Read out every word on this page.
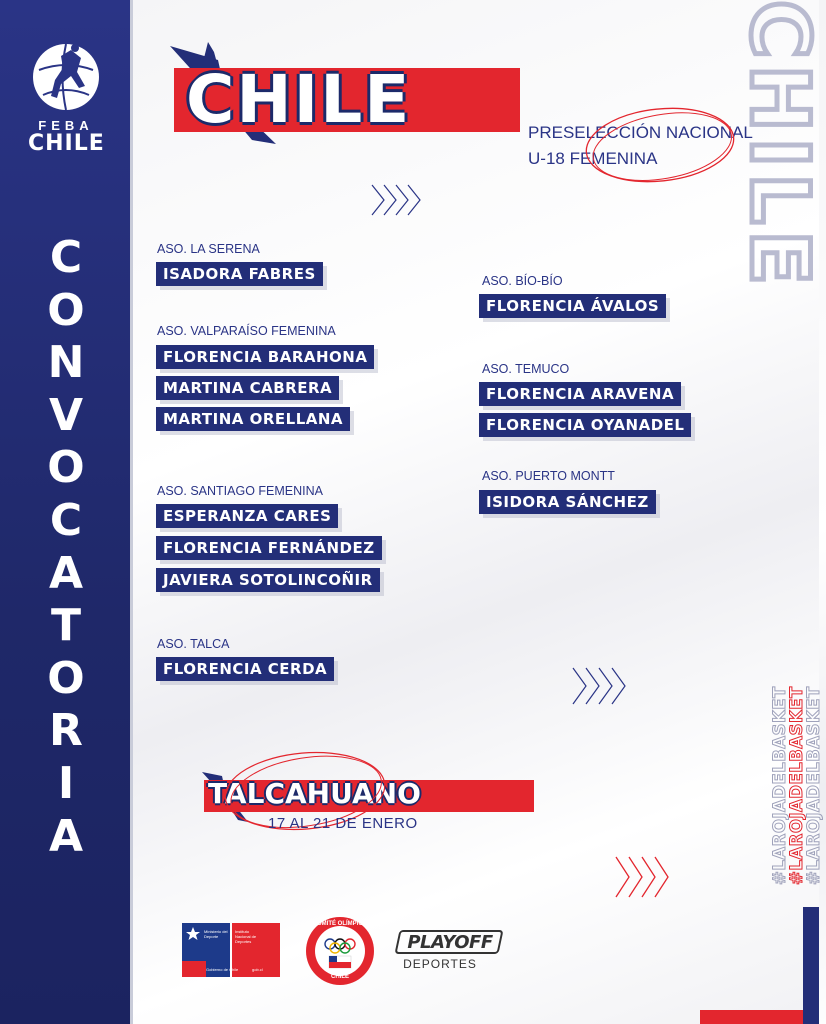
FEBA
CHILE
C
O
N
V
O
C
A
T
O
R
I
A
CHILE	PRESELECCIÓN NACIONAL
U-18 FEMENINA
ASO. LA SERENA
ISADORA FABRES
ASO. VALPARAÍSO FEMENINA
FLORENCIA BARAHONA
MARTINA CABRERA
MARTINA ORELLANA
ASO. SANTIAGO FEMENINA
ESPERANZA CARES
FLORENCIA FERNÁNDEZ
JAVIERA SOTOLINCOÑIR
ASO. TALCA
FLORENCIA CERDA
ASO. BÍO-BÍO
FLORENCIA ÁVALOS
ASO. TEMUCO
FLORENCIA ARAVENA
FLORENCIA OYANADEL
ASO. PUERTO MONTT
ISIDORA SÁNCHEZ
CHILE
#LAROJADELBASKET
#LAROJADELBASKET
#LAROJADELBASKET
TALCAHUANO
17 AL 21 DE ENERO
Ministerio del
Deporte
Instituto
Nacional de
Deportes
Gobierno de Chile	gob.cl
COMITÉ OLÍMPICO
CHILE
PLAYOFF
DEPORTES
